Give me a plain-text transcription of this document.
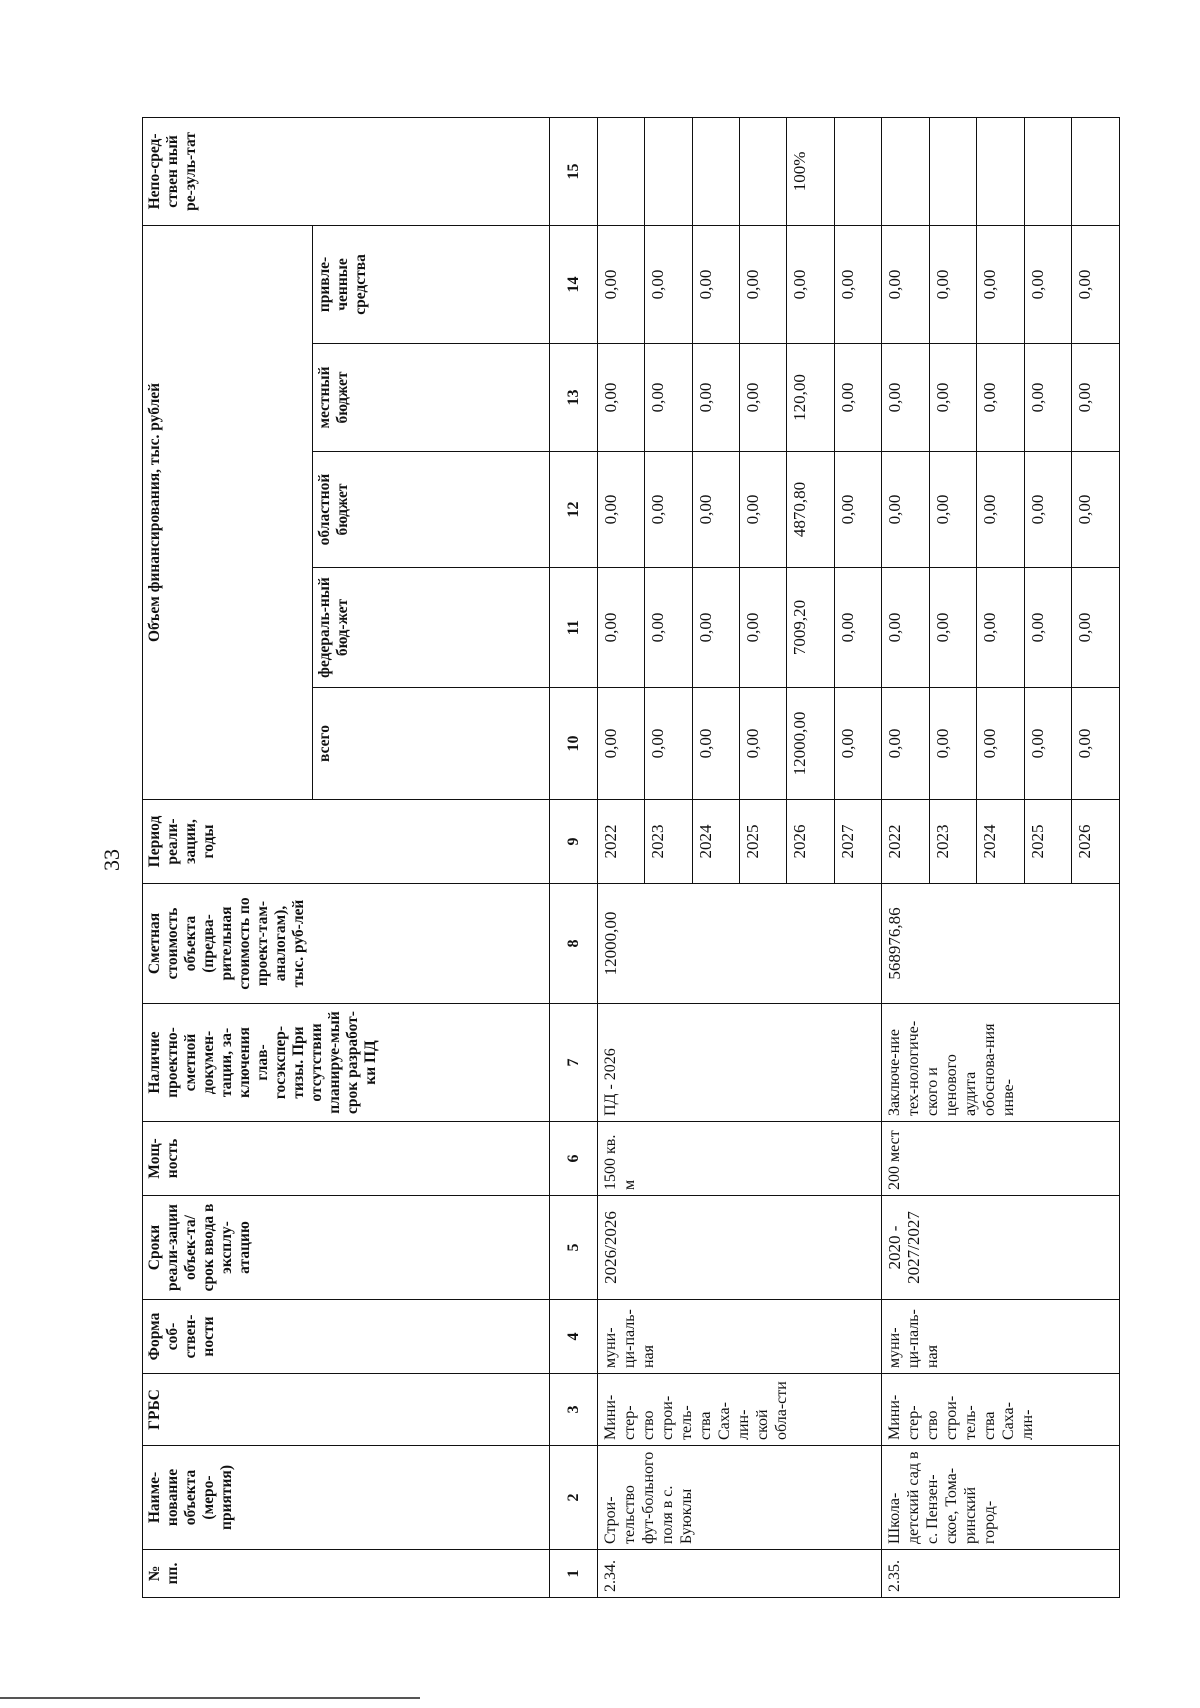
33
№ пп.	Наиме-нование объекта (меро-приятия)	ГРБС	Форма соб-ствен-ности	Сроки реали-зации объек-та/срок ввода в эксплу-атацию	Мощ-ность	Наличие проектно-сметной докумен-тации, за-ключения глав-госэкспер-тизы. При отсутствии планируе-мый срок разработ-ки ПД	Сметная стоимость объекта (предва-рительная стоимость по проект-там-аналогам), тыс. руб-лей	Период реали-зации, годы	Объем финансирования, тыс. рублей					Непо-сред-ствен ный ре-зуль-тат
									всего	федераль-ный бюд-жет	областной бюджет	местный бюджет	привле-ченные средства	
1	2	3	4	5	6	7	8	9	10	11	12	13	14	15
2.34.	Строи-тельство фут-больного поля в с. Буюклы	Мини-стер-ство строи-тель-ства Саха-лин-ской обла-сти	муни-ци-паль-ная	2026/2026	1500 кв. м	ПД - 2026	12000,00	2022	0,00	0,00	0,00	0,00	0,00	
								2023	0,00	0,00	0,00	0,00	0,00	
								2024	0,00	0,00	0,00	0,00	0,00	
								2025	0,00	0,00	0,00	0,00	0,00	
								2026	12000,00	7009,20	4870,80	120,00	0,00	100%
								2027	0,00	0,00	0,00	0,00	0,00	
2.35.	Школа-детский сад в с. Пензен-ское, Тома-ринский город-	Мини-стер-ство строи-тель-ства Саха-лин-	муни-ци-паль-ная	2020 - 2027/2027	200 мест	Заключе-ние тех-нологиче-ского и ценового аудита обоснова-ния инве-	568976,86	2022	0,00	0,00	0,00	0,00	0,00	
								2023	0,00	0,00	0,00	0,00	0,00	
								2024	0,00	0,00	0,00	0,00	0,00	
								2025	0,00	0,00	0,00	0,00	0,00	
								2026	0,00	0,00	0,00	0,00	0,00	
